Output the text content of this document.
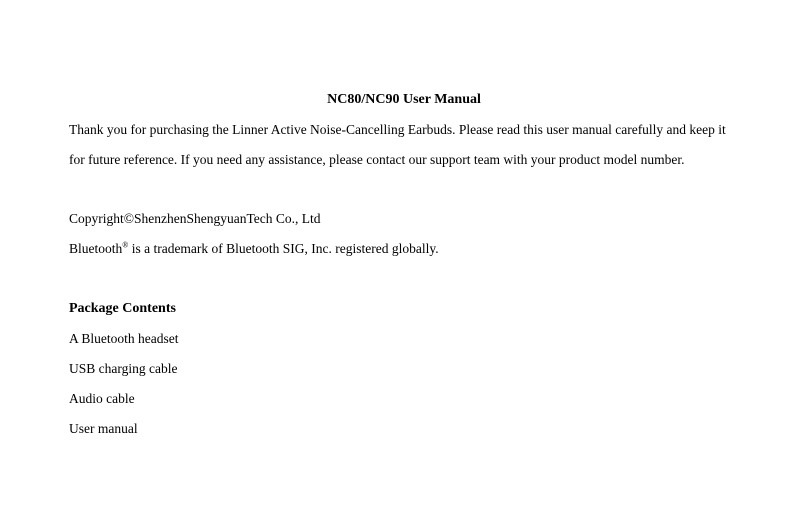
NC80/NC90 User Manual
Thank you for purchasing the Linner Active Noise-Cancelling Earbuds. Please read this user manual carefully and keep it
for future reference. If you need any assistance, please contact our support team with your product model number.
Copyright©ShenzhenShengyuanTech Co., Ltd
Bluetooth® is a trademark of Bluetooth SIG, Inc. registered globally.
Package Contents
A Bluetooth headset
USB charging cable
Audio cable
User manual
